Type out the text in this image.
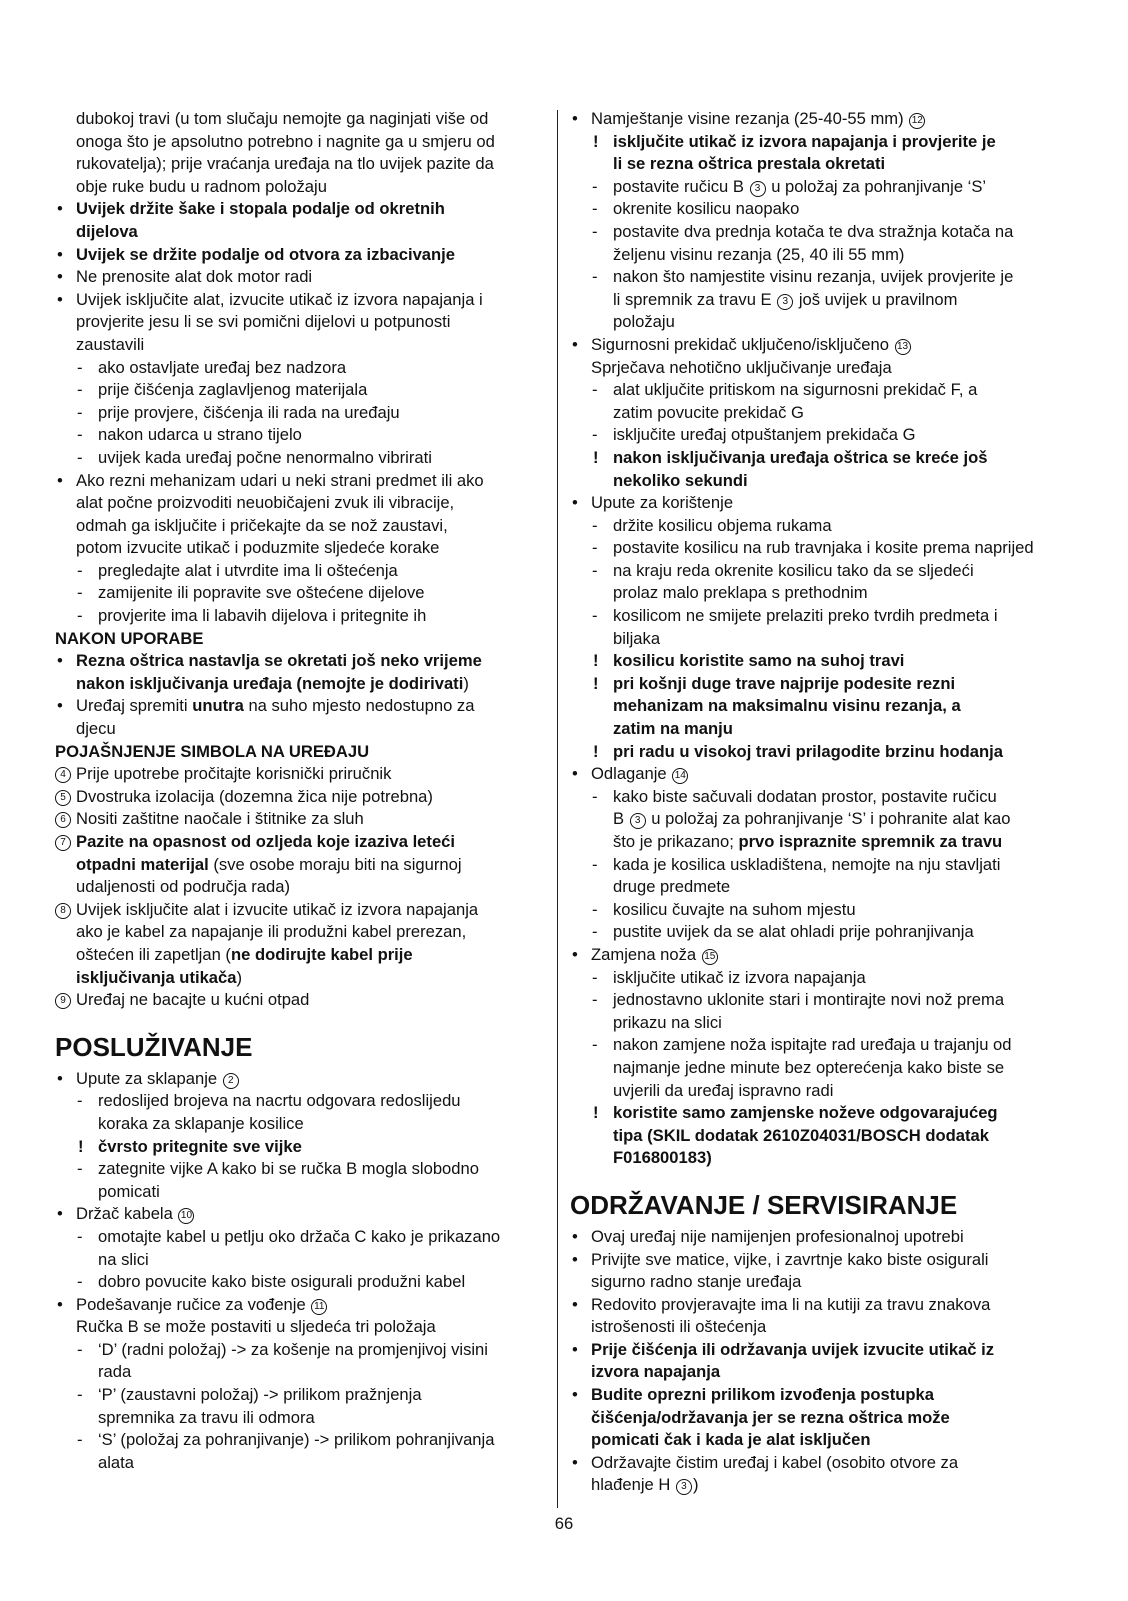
dubokoj travi (u tom slučaju nemojte ga naginjati više od
onoga što je apsolutno potrebno i nagnite ga u smjeru od
rukovatelja); prije vraćanja uređaja na tlo uvijek pazite da
obje ruke budu u radnom položaju
• Uvijek držite šake i stopala podalje od okretnih
dijelova
• Uvijek se držite podalje od otvora za izbacivanje
• Ne prenosite alat dok motor radi
• Uvijek isključite alat, izvucite utikač iz izvora napajanja i
provjerite jesu li se svi pomični dijelovi u potpunosti
zaustavili
- ako ostavljate uređaj bez nadzora
- prije čišćenja zaglavljenog materijala
- prije provjere, čišćenja ili rada na uređaju
- nakon udarca u strano tijelo
- uvijek kada uređaj počne nenormalno vibrirati
• Ako rezni mehanizam udari u neki strani predmet ili ako
alat počne proizvoditi neuobičajeni zvuk ili vibracije,
odmah ga isključite i pričekajte da se nož zaustavi,
potom izvucite utikač i poduzmite sljedeće korake
- pregledajte alat i utvrdite ima li oštećenja
- zamijenite ili popravite sve oštećene dijelove
- provjerite ima li labavih dijelova i pritegnite ih
NAKON UPORABE
• Rezna oštrica nastavlja se okretati još neko vrijeme
nakon isključivanja uređaja (nemojte je dodirivati)
• Uređaj spremiti unutra na suho mjesto nedostupno za
djecu
POJAŠNJENJE SIMBOLA NA UREĐAJU
4 Prije upotrebe pročitajte korisnički priručnik
5 Dvostruka izolacija (dozemna žica nije potrebna)
6 Nositi zaštitne naočale i štitnike za sluh
7 Pazite na opasnost od ozljeda koje izaziva leteći
otpadni materijal (sve osobe moraju biti na sigurnoj
udaljenosti od područja rada)
8 Uvijek isključite alat i izvucite utikač iz izvora napajanja
ako je kabel za napajanje ili produžni kabel prerezan,
oštećen ili zapetljan (ne dodirujte kabel prije
isključivanja utikača)
9 Uređaj ne bacajte u kućni otpad
POSLUŽIVANJE
• Upute za sklapanje 2
- redoslijed brojeva na nacrtu odgovara redoslijedu
koraka za sklapanje kosilice
! čvrsto pritegnite sve vijke
- zategnite vijke A kako bi se ručka B mogla slobodno
pomicati
• Držač kabela 10
- omotajte kabel u petlju oko držača C kako je prikazano
na slici
- dobro povucite kako biste osigurali produžni kabel
• Podešavanje ručice za vođenje 11
Ručka B se može postaviti u sljedeća tri položaja
- ‘D’ (radni položaj) -> za košenje na promjenjivoj visini
rada
- ‘P’ (zaustavni položaj) -> prilikom pražnjenja
spremnika za travu ili odmora
- ‘S’ (položaj za pohranjivanje) -> prilikom pohranjivanja
alata
• Namještanje visine rezanja (25-40-55 mm) 12
! isključite utikač iz izvora napajanja i provjerite je
li se rezna oštrica prestala okretati
- postavite ručicu B 3 u položaj za pohranjivanje ‘S’
- okrenite kosilicu naopako
- postavite dva prednja kotača te dva stražnja kotača na
željenu visinu rezanja (25, 40 ili 55 mm)
- nakon što namjestite visinu rezanja, uvijek provjerite je
li spremnik za travu E 3 još uvijek u pravilnom
položaju
• Sigurnosni prekidač uključeno/isključeno 13
Sprječava nehotično uključivanje uređaja
- alat uključite pritiskom na sigurnosni prekidač F, a
zatim povucite prekidač G
- isključite uređaj otpuštanjem prekidača G
! nakon isključivanja uređaja oštrica se kreće još
nekoliko sekundi
• Upute za korištenje
- držite kosilicu objema rukama
- postavite kosilicu na rub travnjaka i kosite prema naprijed
- na kraju reda okrenite kosilicu tako da se sljedeći
prolaz malo preklapa s prethodnim
- kosilicom ne smijete prelaziti preko tvrdih predmeta i
biljaka
! kosilicu koristite samo na suhoj travi
! pri košnji duge trave najprije podesite rezni
mehanizam na maksimalnu visinu rezanja, a
zatim na manju
! pri radu u visokoj travi prilagodite brzinu hodanja
• Odlaganje 14
- kako biste sačuvali dodatan prostor, postavite ručicu
B 3 u položaj za pohranjivanje ‘S’ i pohranite alat kao
što je prikazano; prvo ispraznite spremnik za travu
- kada je kosilica uskladištena, nemojte na nju stavljati
druge predmete
- kosilicu čuvajte na suhom mjestu
- pustite uvijek da se alat ohladi prije pohranjivanja
• Zamjena noža 15
- isključite utikač iz izvora napajanja
- jednostavno uklonite stari i montirajte novi nož prema
prikazu na slici
- nakon zamjene noža ispitajte rad uređaja u trajanju od
najmanje jedne minute bez opterećenja kako biste se
uvjerili da uređaj ispravno radi
! koristite samo zamjenske noževe odgovarajućeg
tipa (SKIL dodatak 2610Z04031/BOSCH dodatak
F016800183)
ODRŽAVANJE / SERVISIRANJE
• Ovaj uređaj nije namijenjen profesionalnoj upotrebi
• Privijte sve matice, vijke, i zavrtnje kako biste osigurali
sigurno radno stanje uređaja
• Redovito provjeravajte ima li na kutiji za travu znakova
istrošenosti ili oštećenja
• Prije čišćenja ili održavanja uvijek izvucite utikač iz
izvora napajanja
• Budite oprezni prilikom izvođenja postupka
čišćenja/održavanja jer se rezna oštrica može
pomicati čak i kada je alat isključen
• Održavajte čistim uređaj i kabel (osobito otvore za
hlađenje H 3 )
66
